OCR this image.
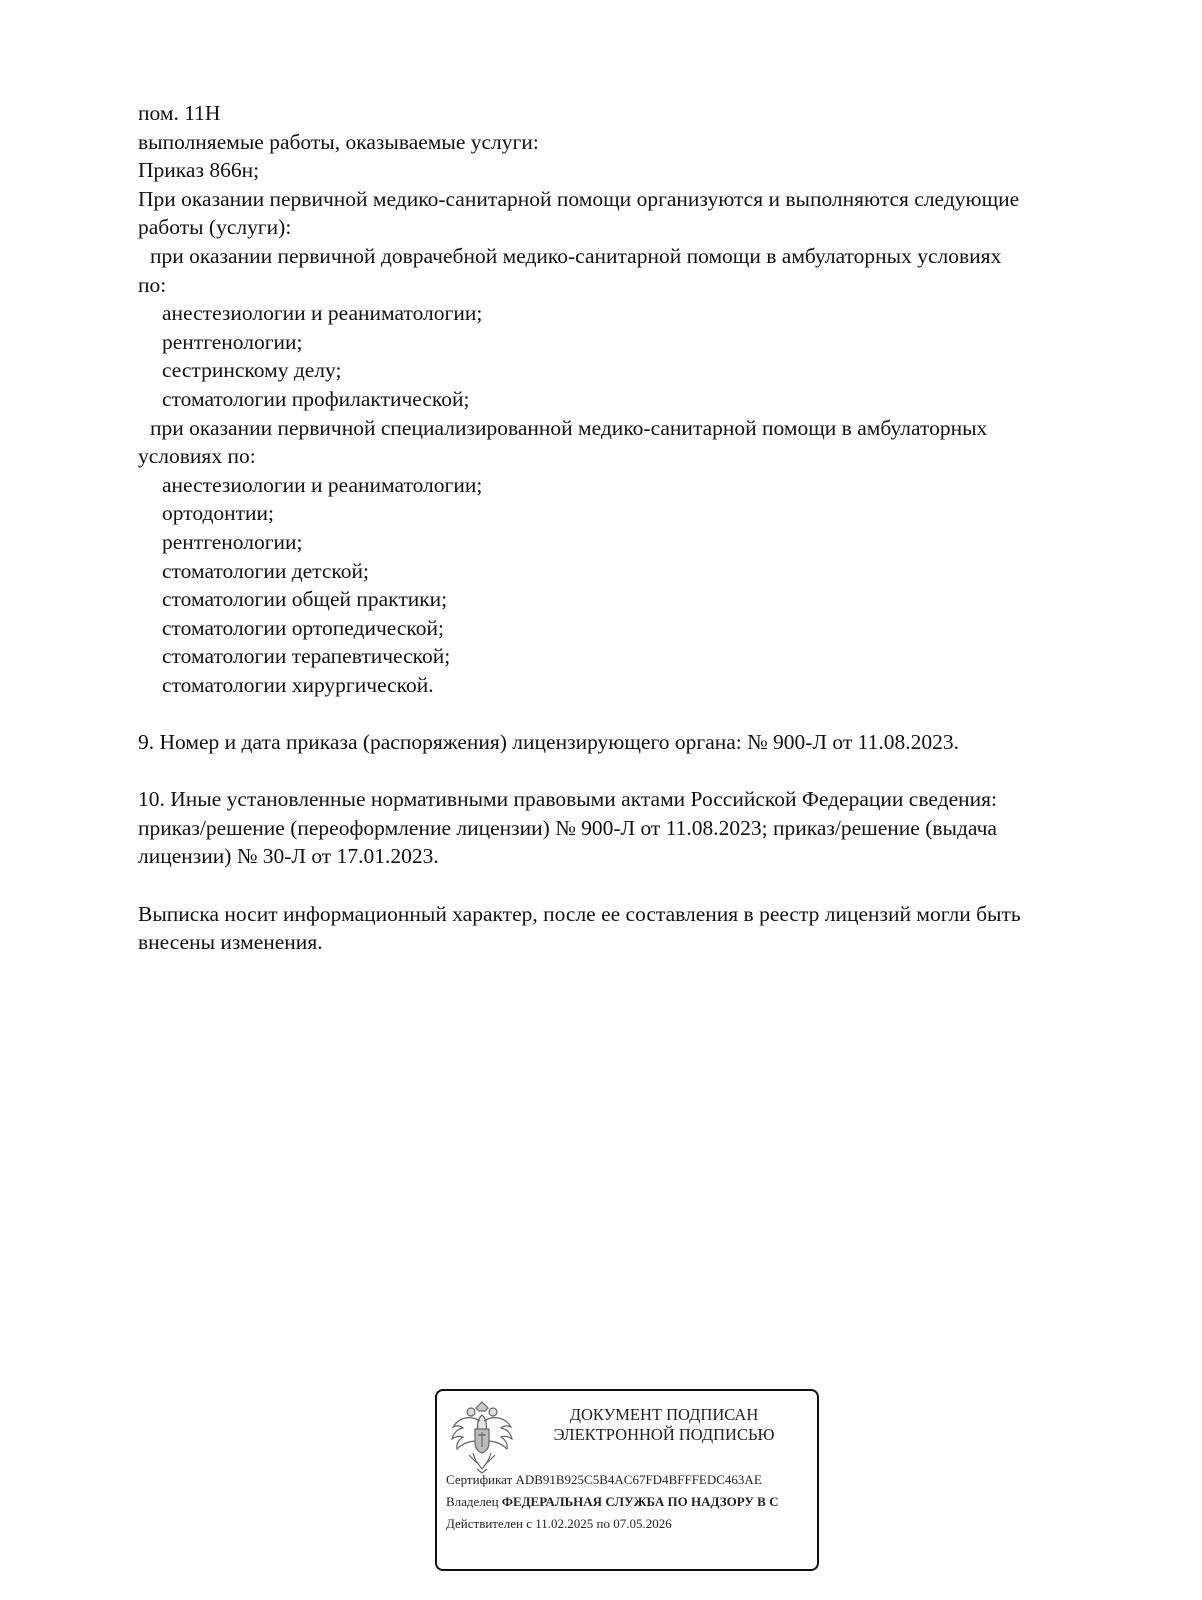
пом. 11Н

выполняемые работы, оказываемые услуги:

Приказ 866н;

При оказании первичной медико-санитарной помощи организуются и выполняются следующие

работы (услуги):

при оказании первичной доврачебной медико-санитарной помощи в амбулаторных условиях

по:

анестезиологии и реаниматологии;

рентгенологии;

сестринскому делу;

стоматологии профилактической;

при оказании первичной специализированной медико-санитарной помощи в амбулаторных

условиях по:

анестезиологии и реаниматологии;

ортодонтии;

рентгенологии;

стоматологии детской;

стоматологии общей практики;

стоматологии ортопедической;

стоматологии терапевтической;

стоматологии хирургической.

9. Номер и дата приказа (распоряжения) лицензирующего органа: № 900-Л от 11.08.2023.

10. Иные установленные нормативными правовыми актами Российской Федерации сведения:

приказ/решение (переоформление лицензии) № 900-Л от 11.08.2023; приказ/решение (выдача

лицензии) № 30-Л от 17.01.2023.

Выписка носит информационный характер, после ее составления в реестр лицензий могли быть

внесены изменения.

ДОКУМЕНТ ПОДПИСАН
ЭЛЕКТРОННОЙ ПОДПИСЬЮ
Сертификат ADB91B925C5B4AC67FD4BFFFEDC463AE
Владелец ФЕДЕРАЛЬНАЯ СЛУЖБА ПО НАДЗОРУ В С
Действителен с 11.02.2025 по 07.05.2026
